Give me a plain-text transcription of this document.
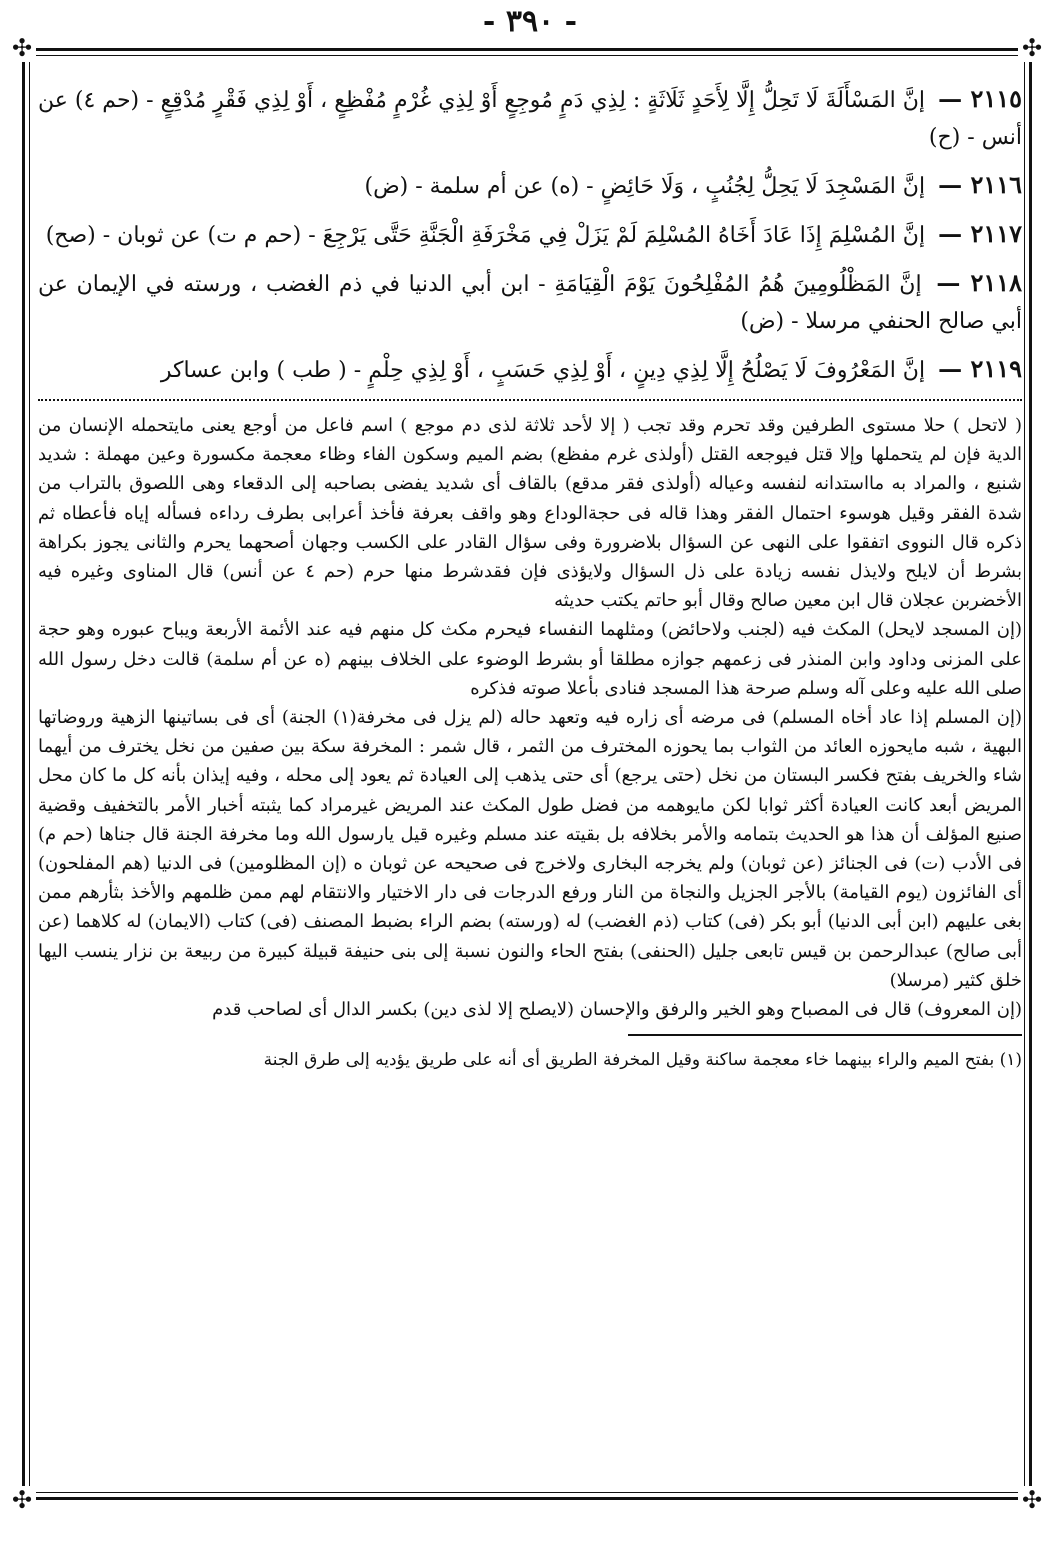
- ٣٩٠ -
✣	✣
✣	✣
٢١١٥ — إنَّ المَسْأَلَةَ لَا تَحِلُّ إِلَّا لِأَحَدٍ ثَلَاثَةٍ : لِذِي دَمٍ مُوجِعٍ أَوْ لِذِي غُرْمٍ مُفْظِعٍ ، أَوْ لِذِي فَقْرٍ مُدْقِعٍ - (حم ٤) عن أنس - (ح)
٢١١٦ — إنَّ المَسْجِدَ لَا يَحِلُّ لِجُنُبٍ ، وَلَا حَائِضٍ - (ه) عن أم سلمة - (ض)
٢١١٧ — إنَّ المُسْلِمَ إِذَا عَادَ أَخَاهُ المُسْلِمَ لَمْ يَزَلْ فِي مَخْرَفَةِ الْجَنَّةِ حَتَّى يَرْجِعَ - (حم م ت) عن ثوبان - (صح)
٢١١٨ — إنَّ المَظْلُومِينَ هُمُ المُفْلِحُونَ يَوْمَ الْقِيَامَةِ - ابن أبي الدنيا في ذم الغضب ، ورسته في الإيمان عن أبي صالح الحنفي مرسلا - (ض)
٢١١٩ — إنَّ المَعْرُوفَ لَا يَصْلُحُ إِلَّا لِذِي دِينٍ ، أَوْ لِذِي حَسَبٍ ، أَوْ لِذِي حِلْمٍ - ( طب ) وابن عساكر

( لاتحل ) حلا مستوى الطرفين وقد تحرم وقد تجب ( إلا لأحد ثلاثة لذى دم موجع ) اسم فاعل من أوجع يعنى مايتحمله الإنسان من الدية فإن لم يتحملها وإلا قتل فيوجعه القتل (أولذى غرم مفظع) بضم الميم وسكون الفاء وظاء معجمة مكسورة وعين مهملة : شديد شنيع ، والمراد به مااستدانه لنفسه وعياله (أولذى فقر مدقع) بالقاف أى شديد يفضى بصاحبه إلى الدقعاء وهى اللصوق بالتراب من شدة الفقر وقيل هوسوء احتمال الفقر وهذا قاله فى حجةالوداع وهو واقف بعرفة فأخذ أعرابى بطرف رداءه فسأله إياه فأعطاه ثم ذكره قال النووى اتفقوا على النهى عن السؤال بلاضرورة وفى سؤال القادر على الكسب وجهان أصحهما يحرم والثانى يجوز بكراهة بشرط أن لايلح ولايذل نفسه زيادة على ذل السؤال ولايؤذى فإن فقدشرط منها حرم (حم ٤ عن أنس) قال المناوى وغيره فيه الأخضربن عجلان قال ابن معين صالح وقال أبو حاتم يكتب حديثه

(إن المسجد لايحل) المكث فيه (لجنب ولاحائض) ومثلهما النفساء فيحرم مكث كل منهم فيه عند الأئمة الأربعة ويباح عبوره وهو حجة على المزنى وداود وابن المنذر فى زعمهم جوازه مطلقا أو بشرط الوضوء على الخلاف بينهم (ه عن أم سلمة) قالت دخل رسول الله صلى الله عليه وعلى آله وسلم صرحة هذا المسجد فنادى بأعلا صوته فذكره

(إن المسلم إذا عاد أخاه المسلم) فى مرضه أى زاره فيه وتعهد حاله (لم يزل فى مخرفة(١) الجنة) أى فى بساتينها الزهية وروضاتها البهية ، شبه مايحوزه العائد من الثواب بما يحوزه المخترف من الثمر ، قال شمر : المخرفة سكة بين صفين من نخل يخترف من أيهما شاء والخريف بفتح فكسر البستان من نخل (حتى يرجع) أى حتى يذهب إلى العيادة ثم يعود إلى محله ، وفيه إيذان بأنه كل ما كان محل المريض أبعد كانت العيادة أكثر ثوابا لكن مايوهمه من فضل طول المكث عند المريض غيرمراد كما يثبته أخبار الأمر بالتخفيف وقضية صنيع المؤلف أن هذا هو الحديث بتمامه والأمر بخلافه بل بقيته عند مسلم وغيره قيل يارسول الله وما مخرفة الجنة قال جناها (حم م) فى الأدب (ت) فى الجنائز (عن ثوبان) ولم يخرجه البخارى ولاخرج فى صحيحه عن ثوبان ه (إن المظلومين) فى الدنيا (هم المفلحون) أى الفائزون (يوم القيامة) بالأجر الجزيل والنجاة من النار ورفع الدرجات فى دار الاختيار والانتقام لهم ممن ظلمهم والأخذ بثأرهم ممن بغى عليهم (ابن أبى الدنيا) أبو بكر (فى) كتاب (ذم الغضب) له (ورسته) بضم الراء بضبط المصنف (فى) كتاب (الايمان) له كلاهما (عن أبى صالح) عبدالرحمن بن قيس تابعى جليل (الحنفى) بفتح الحاء والنون نسبة إلى بنى حنيفة قبيلة كبيرة من ربيعة بن نزار ينسب اليها خلق كثير (مرسلا)

(إن المعروف) قال فى المصباح وهو الخير والرفق والإحسان (لايصلح إلا لذى دين) بكسر الدال أى لصاحب قدم

(١) بفتح الميم والراء بينهما خاء معجمة ساكنة وقيل المخرفة الطريق أى أنه على طريق يؤديه إلى طرق الجنة
